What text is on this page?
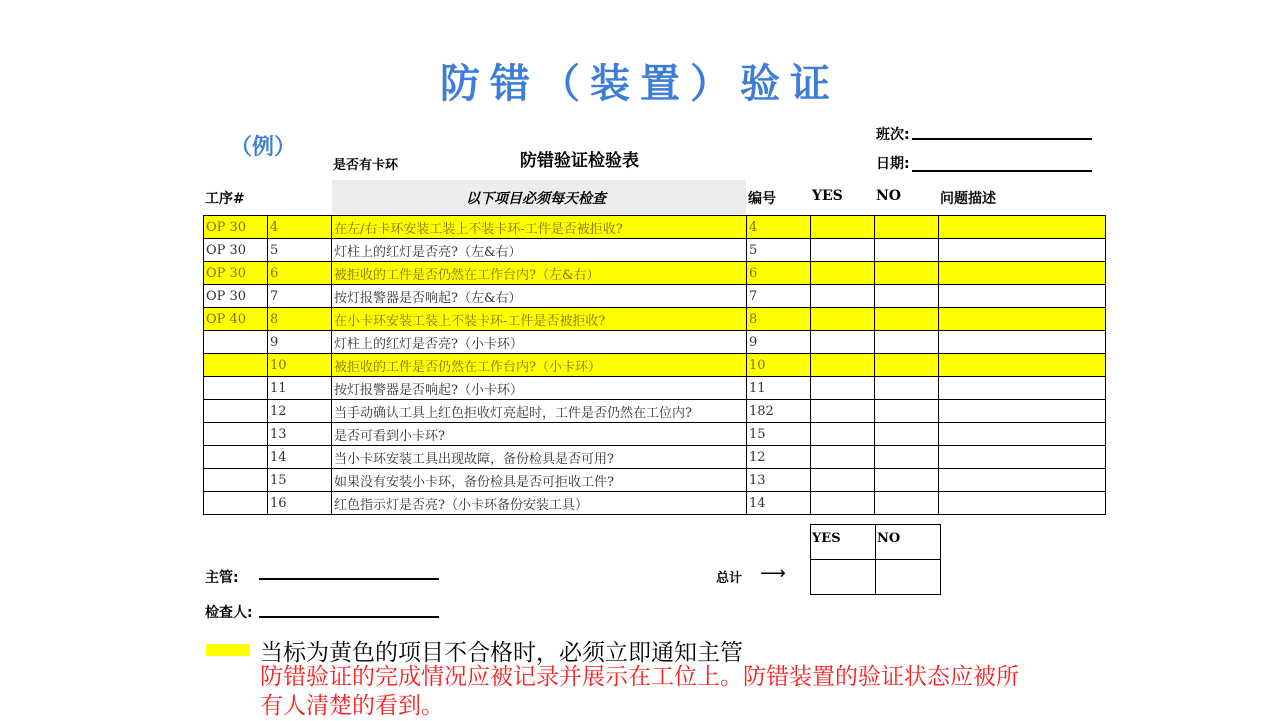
防错（装置）验证
（例）	班次:
日期:
是否有卡环	防错验证检验表
工序#	以下项目必须每天检查	编号	YES NO	问题描述
OP 30	4	在左/右卡环安装工装上不装卡环-工件是否被拒收?	4			
OP 30	5	灯柱上的红灯是否亮?（左&右）	5			
OP 30	6	被拒收的工件是否仍然在工作台内?（左&右）	6			
OP 30	7	按灯报警器是否响起?（左&右）	7			
OP 40	8	在小卡环安装工装上不装卡环-工件是否被拒收?	8			
	9	灯柱上的红灯是否亮?（小卡环）	9			
	10	被拒收的工件是否仍然在工作台内?（小卡环）	10			
	11	按灯报警器是否响起?（小卡环）	11			
	12	当手动确认工具上红色拒收灯亮起时，工件是否仍然在工位内?	182			
	13	是否可看到小卡环?	15			
	14	当小卡环安装工具出现故障，备份检具是否可用?	12			
	15	如果没有安装小卡环，备份检具是否可拒收工件?	13			
	16	红色指示灯是否亮?（小卡环备份安装工具）	14			
YES	NO

总计 ⟶
主管:
检查人:
当标为黄色的项目不合格时，必须立即通知主管
防错验证的完成情况应被记录并展示在工位上。防错装置的验证状态应被所有人清楚的看到。
